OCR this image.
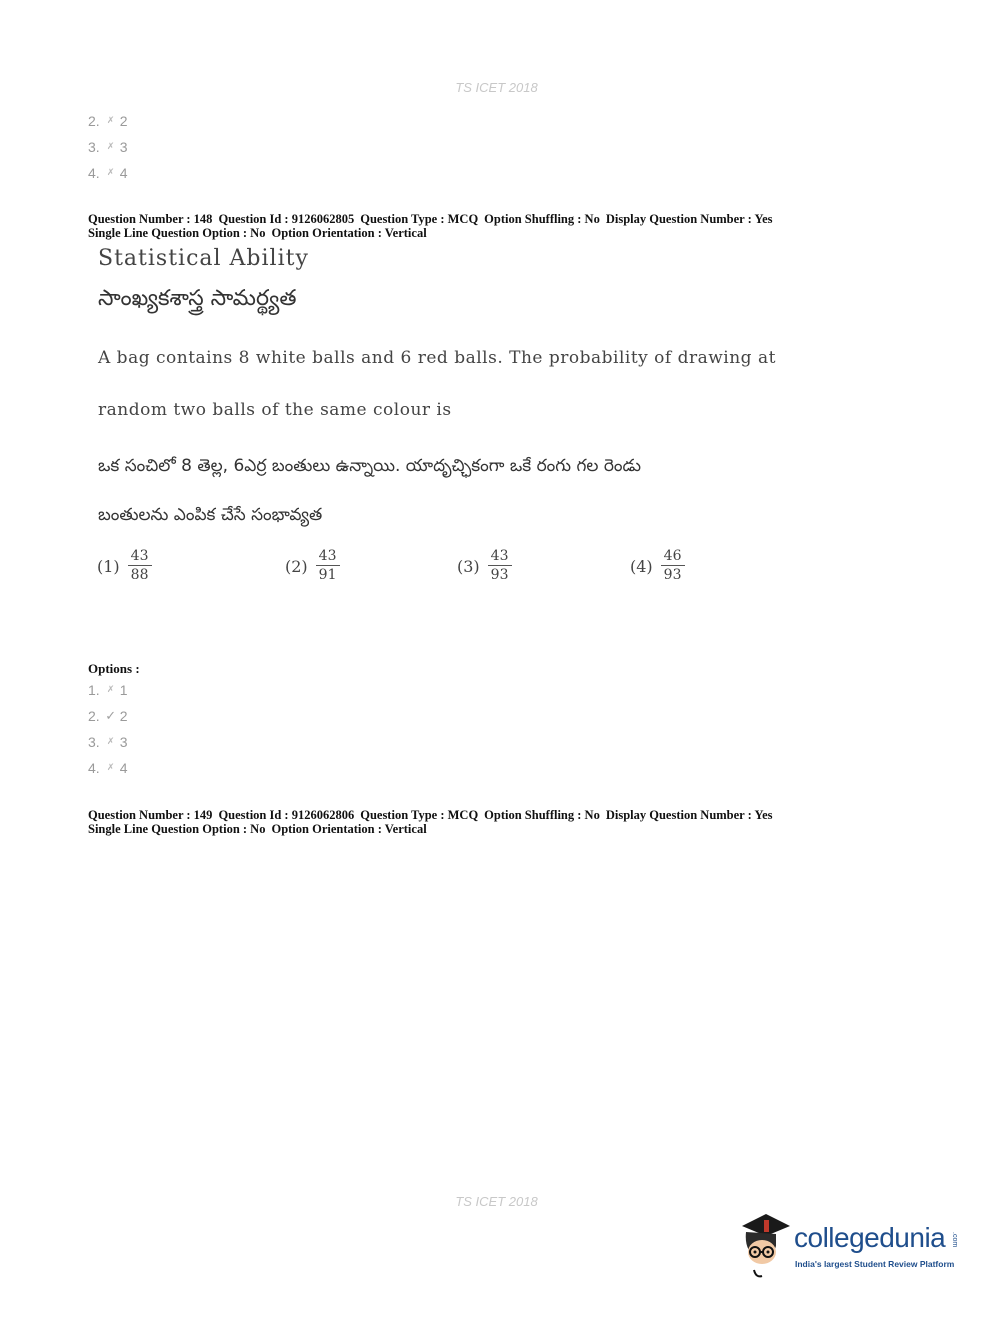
TS ICET 2018
2. ✗ 2
3. ✗ 3
4. ✗ 4
Question Number : 148 Question Id : 9126062805 Question Type : MCQ Option Shuffling : No Display Question Number : Yes
Single Line Question Option : No Option Orientation : Vertical
Statistical Ability
సాంఖ్యకశాస్త్ర సామర్థ్యత
A bag contains 8 white balls and 6 red balls. The probability of drawing at
random two balls of the same colour is
ఒక సంచిలో 8 తెల్ల, 6ఎర్ర బంతులు ఉన్నాయి. యాదృచ్ఛికంగా ఒకే రంగు గల రెండు
బంతులను ఎంపిక చేసే సంభావ్యత
$(1) \frac{43}{88}$	$(2) \frac{43}{91}$	$(3) \frac{43}{93}$	$(4) \frac{46}{93}$
Options :
1. ✗ 1
2. ✓ 2
3. ✗ 3
4. ✗ 4
Question Number : 149 Question Id : 9126062806 Question Type : MCQ Option Shuffling : No Display Question Number : Yes
Single Line Question Option : No Option Orientation : Vertical
TS ICET 2018
collegedunia .com
India's largest Student Review Platform
